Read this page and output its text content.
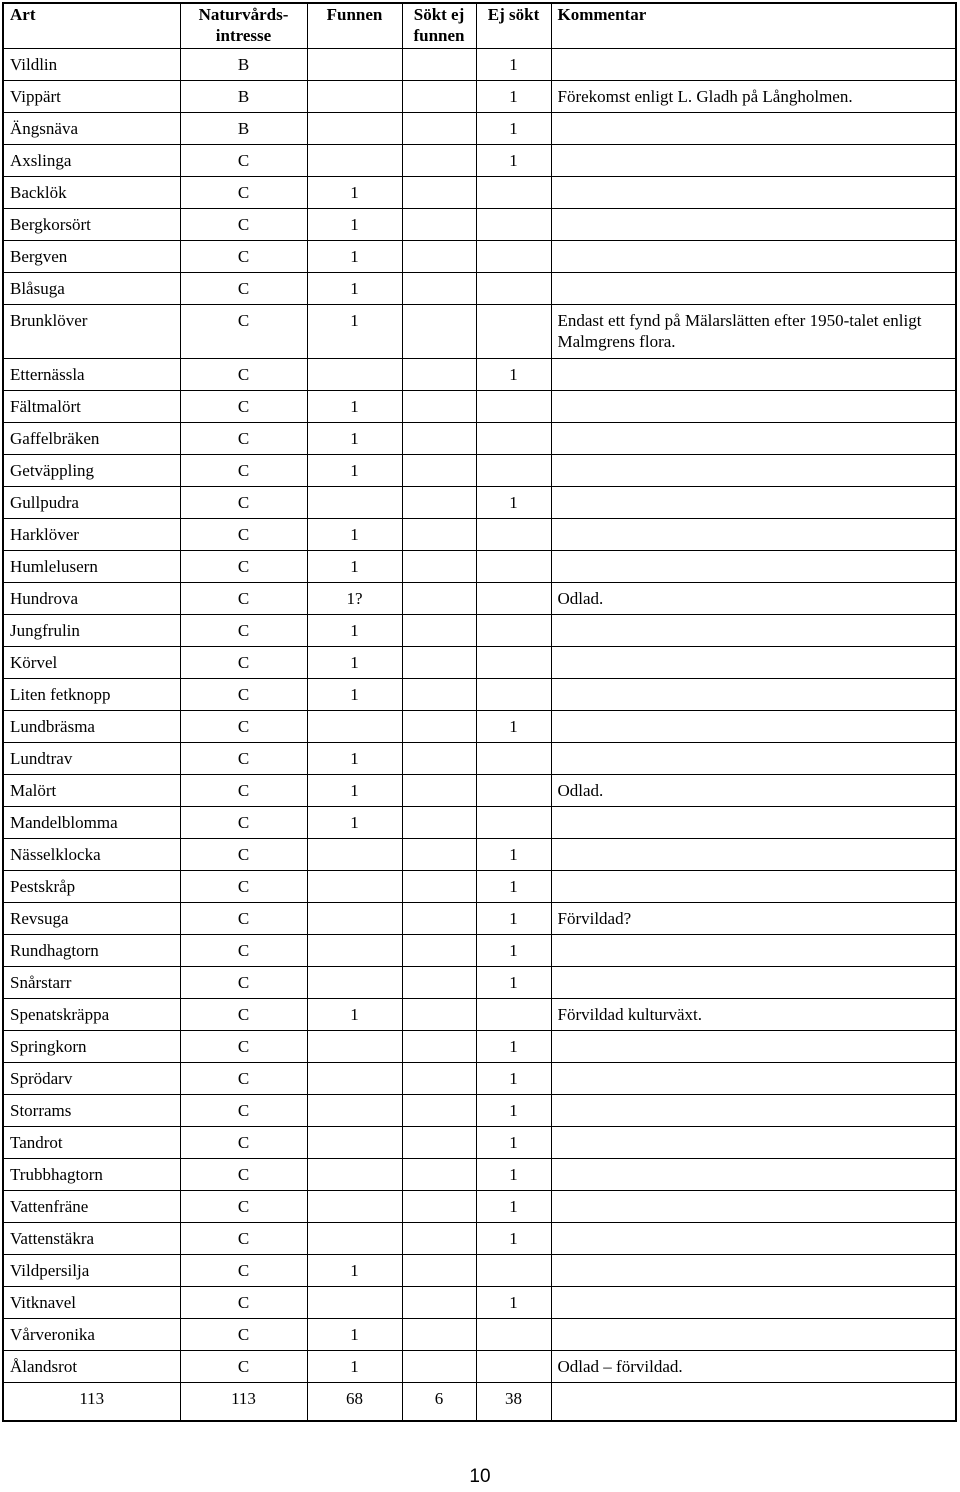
Art	Naturvårds-intresse	Funnen	Sökt ej funnen	Ej sökt	Kommentar
Vildlin	B			1	
Vippärt	B			1	Förekomst enligt L. Gladh på Långholmen.
Ängsnäva	B			1	
Axslinga	C			1	
Backlök	C	1			
Bergkorsört	C	1			
Bergven	C	1			
Blåsuga	C	1			
Brunklöver	C	1			Endast ett fynd på Mälarslätten efter 1950-talet enligt Malmgrens flora.
Etternässla	C			1	
Fältmalört	C	1			
Gaffelbräken	C	1			
Getväppling	C	1			
Gullpudra	C			1	
Harklöver	C	1			
Humlelusern	C	1			
Hundrova	C	1?			Odlad.
Jungfrulin	C	1			
Körvel	C	1			
Liten fetknopp	C	1			
Lundbräsma	C			1	
Lundtrav	C	1			
Malört	C	1			Odlad.
Mandelblomma	C	1			
Nässelklocka	C			1	
Pestskråp	C			1	
Revsuga	C			1	Förvildad?
Rundhagtorn	C			1	
Snårstarr	C			1	
Spenatskräppa	C	1			Förvildad kulturväxt.
Springkorn	C			1	
Sprödarv	C			1	
Storrams	C			1	
Tandrot	C			1	
Trubbhagtorn	C			1	
Vattenfräne	C			1	
Vattenstäkra	C			1	
Vildpersilja	C	1			
Vitknavel	C			1	
Vårveronika	C	1			
Ålandsrot	C	1			Odlad – förvildad.
113	113	68	6	38	
10
